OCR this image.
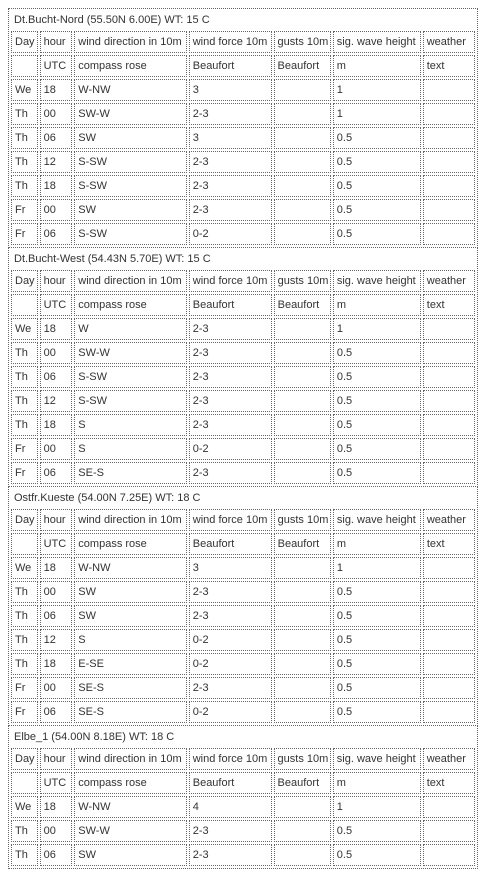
Dt.Bucht-Nord (55.50N 6.00E) WT: 15 C						
Day	hour	wind direction in 10m	wind force 10m	gusts 10m	sig. wave height	weather
	UTC	compass rose	Beaufort	Beaufort	m	text
We	18	W-NW	3		1	
Th	00	SW-W	2-3		1	
Th	06	SW	3		0.5	
Th	12	S-SW	2-3		0.5	
Th	18	S-SW	2-3		0.5	
Fr	00	SW	2-3		0.5	
Fr	06	S-SW	0-2		0.5	
Dt.Bucht-West (54.43N 5.70E) WT: 15 C						
Day	hour	wind direction in 10m	wind force 10m	gusts 10m	sig. wave height	weather
	UTC	compass rose	Beaufort	Beaufort	m	text
We	18	W	2-3		1	
Th	00	SW-W	2-3		0.5	
Th	06	S-SW	2-3		0.5	
Th	12	S-SW	2-3		0.5	
Th	18	S	2-3		0.5	
Fr	00	S	0-2		0.5	
Fr	06	SE-S	2-3		0.5	
Ostfr.Kueste (54.00N 7.25E) WT: 18 C						
Day	hour	wind direction in 10m	wind force 10m	gusts 10m	sig. wave height	weather
	UTC	compass rose	Beaufort	Beaufort	m	text
We	18	W-NW	3		1	
Th	00	SW	2-3		0.5	
Th	06	SW	2-3		0.5	
Th	12	S	0-2		0.5	
Th	18	E-SE	0-2		0.5	
Fr	00	SE-S	2-3		0.5	
Fr	06	SE-S	0-2		0.5	
Elbe_1 (54.00N 8.18E) WT: 18 C						
Day	hour	wind direction in 10m	wind force 10m	gusts 10m	sig. wave height	weather
	UTC	compass rose	Beaufort	Beaufort	m	text
We	18	W-NW	4		1	
Th	00	SW-W	2-3		0.5	
Th	06	SW	2-3		0.5	
